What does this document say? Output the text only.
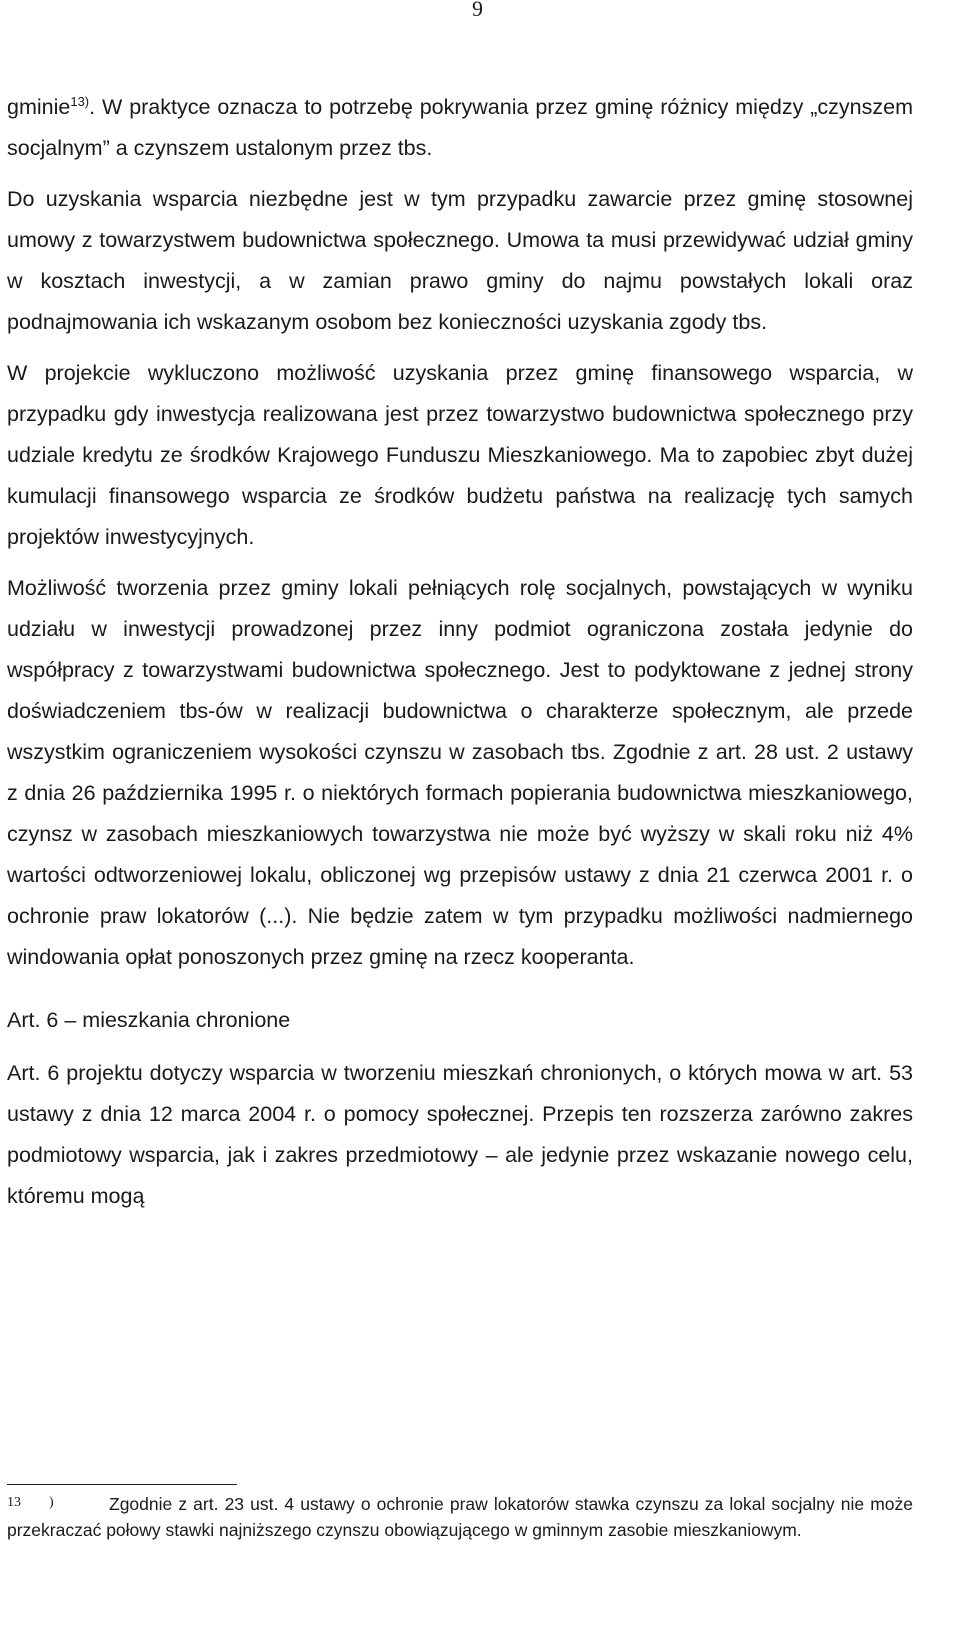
9

gminie$^{13)}$. W praktyce oznacza to potrzebę pokrywania przez gminę różnicy między „czynszem socjalnym” a czynszem ustalonym przez tbs.

Do uzyskania wsparcia niezbędne jest w tym przypadku zawarcie przez gminę stosownej umowy z towarzystwem budownictwa społecznego. Umowa ta musi przewidywać udział gminy w kosztach inwestycji, a w zamian prawo gminy do najmu powstałych lokali oraz podnajmowania ich wskazanym osobom bez konieczności uzyskania zgody tbs.

W projekcie wykluczono możliwość uzyskania przez gminę finansowego wsparcia, w przypadku gdy inwestycja realizowana jest przez towarzystwo budownictwa społecznego przy udziale kredytu ze środków Krajowego Funduszu Mieszkaniowego. Ma to zapobiec zbyt dużej kumulacji finansowego wsparcia ze środków budżetu państwa na realizację tych samych projektów inwestycyjnych.

Możliwość tworzenia przez gminy lokali pełniących rolę socjalnych, powstających w wyniku udziału w inwestycji prowadzonej przez inny podmiot ograniczona została jedynie do współpracy z towarzystwami budownictwa społecznego. Jest to podyktowane z jednej strony doświadczeniem tbs-ów w realizacji budownictwa o charakterze społecznym, ale przede wszystkim ograniczeniem wysokości czynszu w zasobach tbs. Zgodnie z art. 28 ust. 2 ustawy z dnia 26 października 1995 r. o niektórych formach popierania budownictwa mieszkaniowego, czynsz w zasobach mieszkaniowych towarzystwa nie może być wyższy w skali roku niż 4% wartości odtworzeniowej lokalu, obliczonej wg przepisów ustawy z dnia 21 czerwca 2001 r. o ochronie praw lokatorów (...). Nie będzie zatem w tym przypadku możliwości nadmiernego windowania opłat ponoszonych przez gminę na rzecz kooperanta.

Art. 6 – mieszkania chronione

Art. 6 projektu dotyczy wsparcia w tworzeniu mieszkań chronionych, o których mowa w art. 53 ustawy z dnia 12 marca 2004 r. o pomocy społecznej. Przepis ten rozszerza zarówno zakres podmiotowy wsparcia, jak i zakres przedmiotowy – ale jedynie przez wskazanie nowego celu, któremu mogą

13 )	Zgodnie z art. 23 ust. 4 ustawy o ochronie praw lokatorów stawka czynszu za lokal socjalny nie może przekraczać połowy stawki najniższego czynszu obowiązującego w gminnym zasobie mieszkaniowym.
